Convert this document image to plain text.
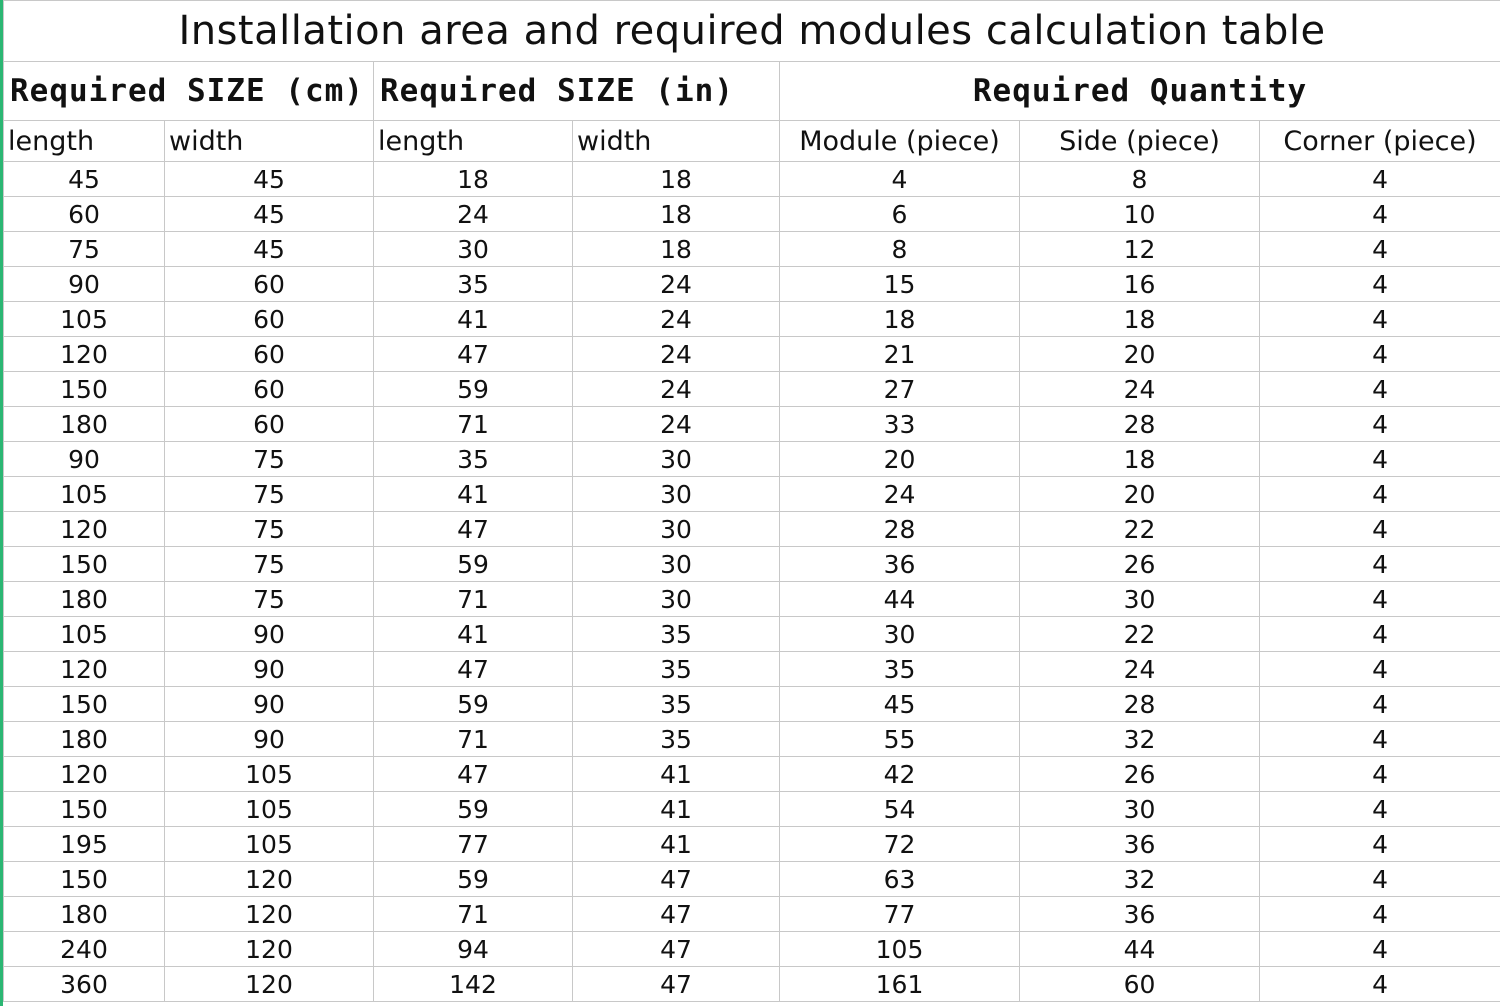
Installation area and required modules calculation table						
Required SIZE (cm)		Required SIZE (in)		Required Quantity		
length	width	length	width	Module (piece)	Side (piece)	Corner (piece)
45	45	18	18	4	8	4
60	45	24	18	6	10	4
75	45	30	18	8	12	4
90	60	35	24	15	16	4
105	60	41	24	18	18	4
120	60	47	24	21	20	4
150	60	59	24	27	24	4
180	60	71	24	33	28	4
90	75	35	30	20	18	4
105	75	41	30	24	20	4
120	75	47	30	28	22	4
150	75	59	30	36	26	4
180	75	71	30	44	30	4
105	90	41	35	30	22	4
120	90	47	35	35	24	4
150	90	59	35	45	28	4
180	90	71	35	55	32	4
120	105	47	41	42	26	4
150	105	59	41	54	30	4
195	105	77	41	72	36	4
150	120	59	47	63	32	4
180	120	71	47	77	36	4
240	120	94	47	105	44	4
360	120	142	47	161	60	4
